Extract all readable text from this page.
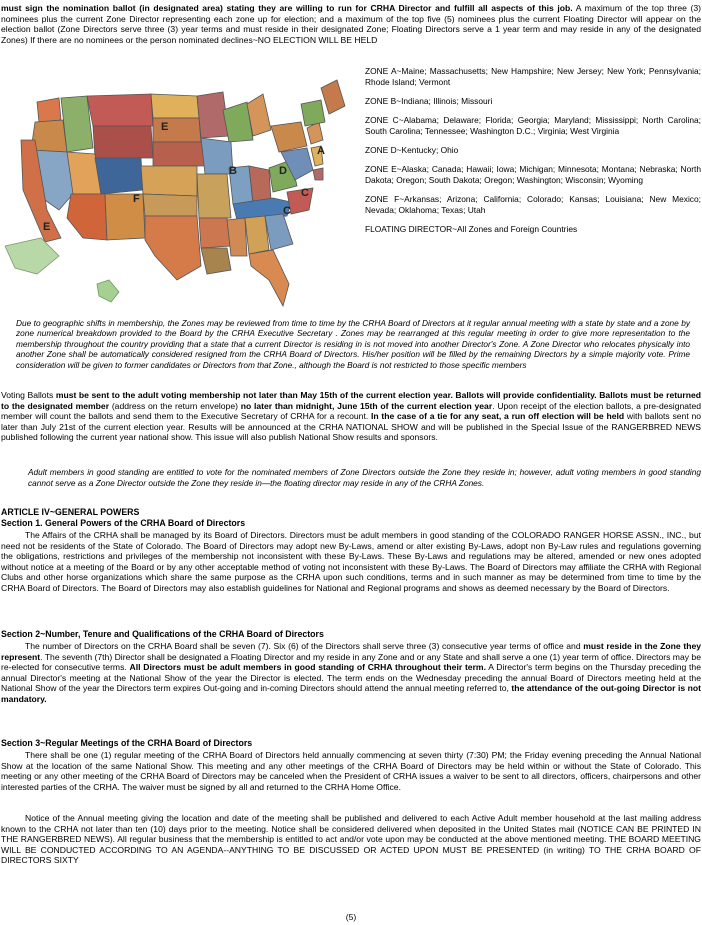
must sign the nomination ballot (in designated area) stating they are willing to run for CRHA Director and fulfill all aspects of this job. A maximum of the top three (3) nominees plus the current Zone Director representing each zone up for election; and a maximum of the top five (5) nominees plus the current Floating Director will appear on the election ballot (Zone Directors serve three (3) year terms and must reside in their designated Zone; Floating Directors serve a 1 year term and may reside in any of the designated Zones) If there are no nominees or the person nominated declines~NO ELECTION WILL BE HELD

E
B
A
C
D
F
E
C

ZONE A~Maine; Massachusetts; New Hampshire; New Jersey; New York; Pennsylvania; Rhode Island; Vermont

ZONE B~Indiana; Illinois; Missouri

ZONE C~Alabama; Delaware; Florida; Georgia; Maryland; Mississippi; North Carolina; South Carolina; Tennessee; Washington D.C.; Virginia; West Virginia

ZONE D~Kentucky; Ohio

ZONE E~Alaska; Canada; Hawaii; Iowa; Michigan; Minnesota; Montana; Nebraska; North Dakota; Oregon; South Dakota; Oregon; Washington; Wisconsin; Wyoming

ZONE F~Arkansas; Arizona; California; Colorado; Kansas; Louisiana; New Mexico; Nevada; Oklahoma; Texas; Utah

FLOATING DIRECTOR~All Zones and Foreign Countries

Due to geographic shifts in membership, the Zones may be reviewed from time to time by the CRHA Board of Directors at it regular annual meeting with a state by state and a zone by zone numerical breakdown provided to the Board by the CRHA Executive Secretary . Zones may be rearranged at this regular meeting in order to give more representation to the membership throughout the country providing that a state that a current Director is residing in is not moved into another Director's Zone. A Zone Director who relocates physically into another Zone shall be automatically considered resigned from the CRHA Board of Directors. His/her position will be filled by the remaining Directors by a simple majority vote. Prime consideration will be given to former candidates or Directors from that Zone., although the Board is not restricted to those specific members

Voting Ballots must be sent to the adult voting membership not later than May 15th of the current election year. Ballots will provide confidentiality. Ballots must be returned to the designated member (address on the return envelope) no later than midnight, June 15th of the current election year. Upon receipt of the election ballots, a pre-designated member will count the ballots and send them to the Executive Secretary of CRHA for a recount. In the case of a tie for any seat, a run off election will be held with ballots sent no later than July 21st of the current election year. Results will be announced at the CRHA NATIONAL SHOW and will be published in the Special Issue of the RANGERBRED NEWS published following the current year national show. This issue will also publish National Show results and sponsors.

Adult members in good standing are entitled to vote for the nominated members of Zone Directors outside the Zone they reside in; however, adult voting members in good standing cannot serve as a Zone Director outside the Zone they reside in—the floating director may reside in any of the CRHA Zones.

ARTICLE IV~GENERAL POWERS

Section 1. General Powers of the CRHA Board of Directors

The Affairs of the CRHA shall be managed by its Board of Directors. Directors must be adult members in good standing of the COLORADO RANGER HORSE ASSN., INC., but need not be residents of the State of Colorado. The Board of Directors may adopt new By-Laws, amend or alter existing By-Laws, adopt non By-Law rules and regulations governing the obligations, restrictions and privileges of the membership not inconsistent with these By-Laws. These By-Laws and regulations may be altered, amended or new ones adopted without notice at a meeting of the Board or by any other acceptable method of voting not inconsistent with these By-Laws. The Board of Directors may affiliate the CRHA with Regional Clubs and other horse organizations which share the same purpose as the CRHA upon such conditions, terms and in such manner as may be determined from time to time by the CRHA Board of Directors. The Board of Directors may also establish guidelines for National and Regional programs and shows as deemed necessary by the Board of Directors.

Section 2~Number, Tenure and Qualifications of the CRHA Board of Directors

The number of Directors on the CRHA Board shall be seven (7). Six (6) of the Directors shall serve three (3) consecutive year terms of office and must reside in the Zone they represent. The seventh (7th) Director shall be designated a Floating Director and my reside in any Zone and or any State and shall serve a one (1) year term of office. Directors may be re-elected for consecutive terms. All Directors must be adult members in good standing of CRHA throughout their term. A Director's term begins on the Thursday preceding the annual Director's meeting at the National Show of the year the Director is elected. The term ends on the Wednesday preceding the annual Board of Directors meeting held at the National Show of the year the Directors term expires Out-going and in-coming Directors should attend the annual meeting referred to, the attendance of the out-going Director is not mandatory.

Section 3~Regular Meetings of the CRHA Board of Directors

There shall be one (1) regular meeting of the CRHA Board of Directors held annually commencing at seven thirty (7:30) PM; the Friday evening preceding the Annual National Show at the location of the same National Show. This meeting and any other meetings of the CRHA Board of Directors may be held within or without the State of Colorado. This meeting or any other meeting of the CRHA Board of Directors may be canceled when the President of CRHA issues a waiver to be sent to all directors, officers, chairpersons and other interested parties of the CRHA. The waiver must be signed by all and returned to the CRHA Home Office.

Notice of the Annual meeting giving the location and date of the meeting shall be published and delivered to each Active Adult member household at the last mailing address known to the CRHA not later than ten (10) days prior to the meeting. Notice shall be considered delivered when deposited in the United States mail (NOTICE CAN BE PRINTED IN THE RANGERBRED NEWS). All regular business that the membership is entitled to act and/or vote upon may be conducted at the above mentioned meeting. THE BOARD MEETING WILL BE CONDUCTED ACCORDING TO AN AGENDA--ANYTHING TO BE DISCUSSED OR ACTED UPON MUST BE PRESENTED (in writing) TO THE CRHA BOARD OF DIRECTORS SIXTY

(5)
